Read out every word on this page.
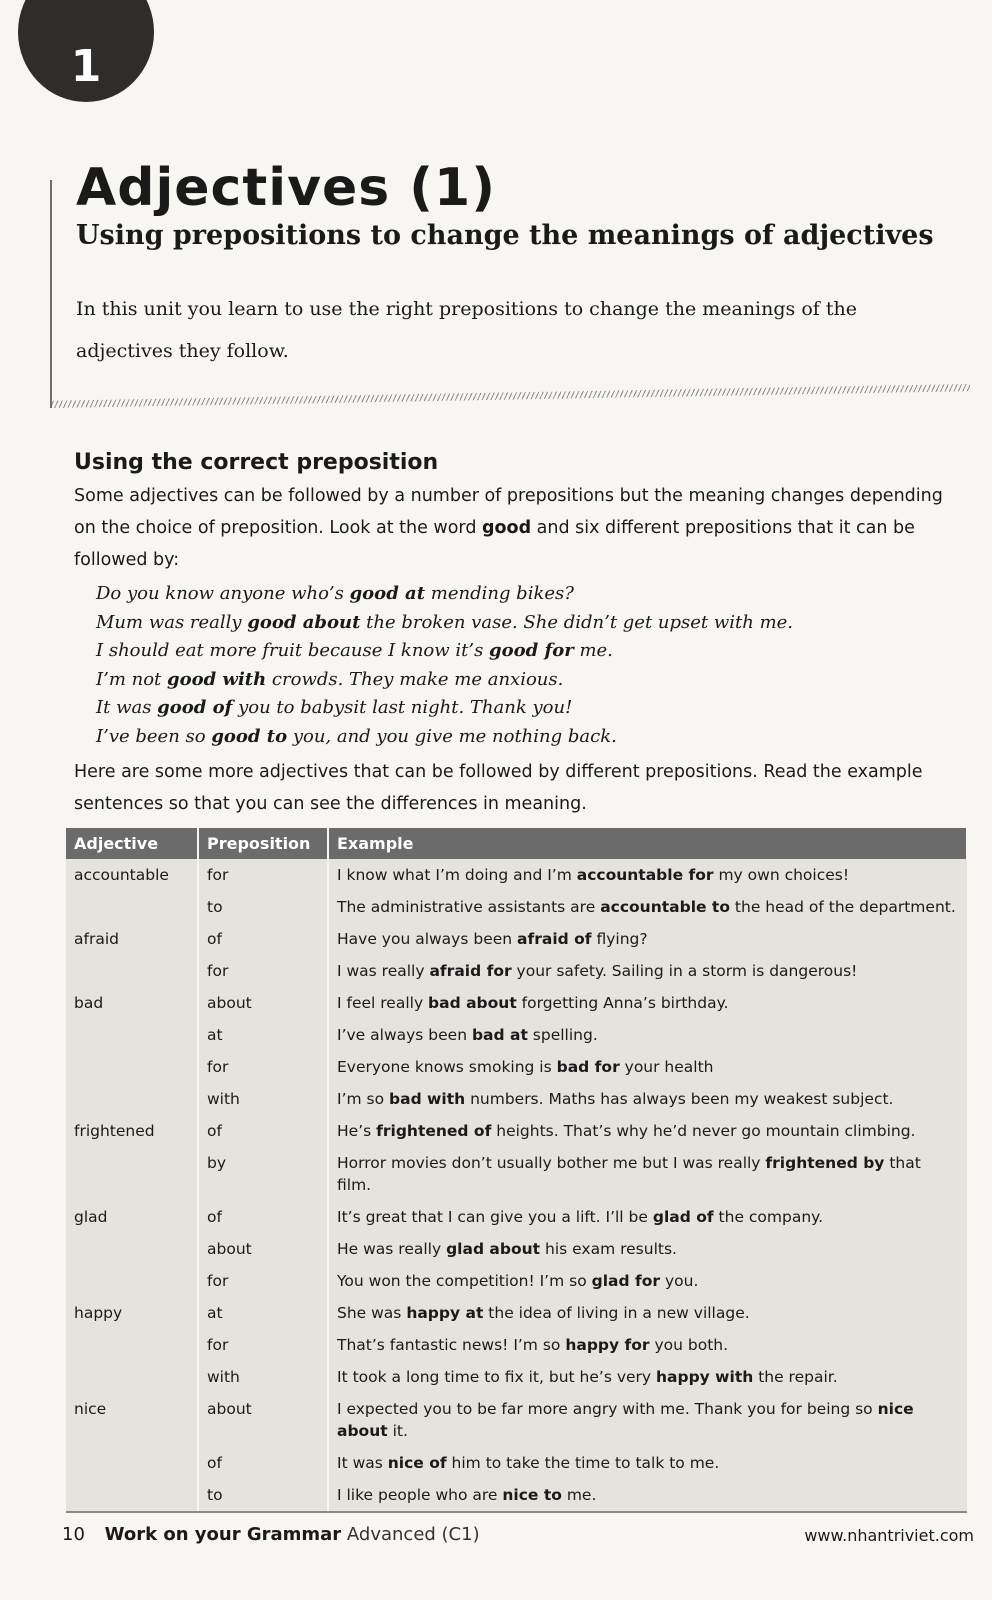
1
Adjectives (1)
Using prepositions to change the meanings of adjectives

In this unit you learn to use the right prepositions to change the meanings of the adjectives they follow.

Using the correct preposition

Some adjectives can be followed by a number of prepositions but the meaning changes depending on the choice of preposition. Look at the word good and six different prepositions that it can be followed by:

Do you know anyone who’s good at mending bikes?
Mum was really good about the broken vase. She didn’t get upset with me.
I should eat more fruit because I know it’s good for me.
I’m not good with crowds. They make me anxious.
It was good of you to babysit last night. Thank you!
I’ve been so good to you, and you give me nothing back.

Here are some more adjectives that can be followed by different prepositions. Read the example sentences so that you can see the differences in meaning.

Adjective	Preposition	Example
accountable	for	I know what I’m doing and I’m accountable for my own choices!
	to	The administrative assistants are accountable to the head of the department.
afraid	of	Have you always been afraid of flying?
	for	I was really afraid for your safety. Sailing in a storm is dangerous!
bad	about	I feel really bad about forgetting Anna’s birthday.
	at	I’ve always been bad at spelling.
	for	Everyone knows smoking is bad for your health
	with	I’m so bad with numbers. Maths has always been my weakest subject.
frightened	of	He’s frightened of heights. That’s why he’d never go mountain climbing.
	by	Horror movies don’t usually bother me but I was really frightened by that film.
glad	of	It’s great that I can give you a lift. I’ll be glad of the company.
	about	He was really glad about his exam results.
	for	You won the competition! I’m so glad for you.
happy	at	She was happy at the idea of living in a new village.
	for	That’s fantastic news! I’m so happy for you both.
	with	It took a long time to fix it, but he’s very happy with the repair.
nice	about	I expected you to be far more angry with me. Thank you for being so nice about it.
	of	It was nice of him to take the time to talk to me.
	to	I like people who are nice to me.
10 Work on your Grammar Advanced (C1)	www.nhantriviet.com
